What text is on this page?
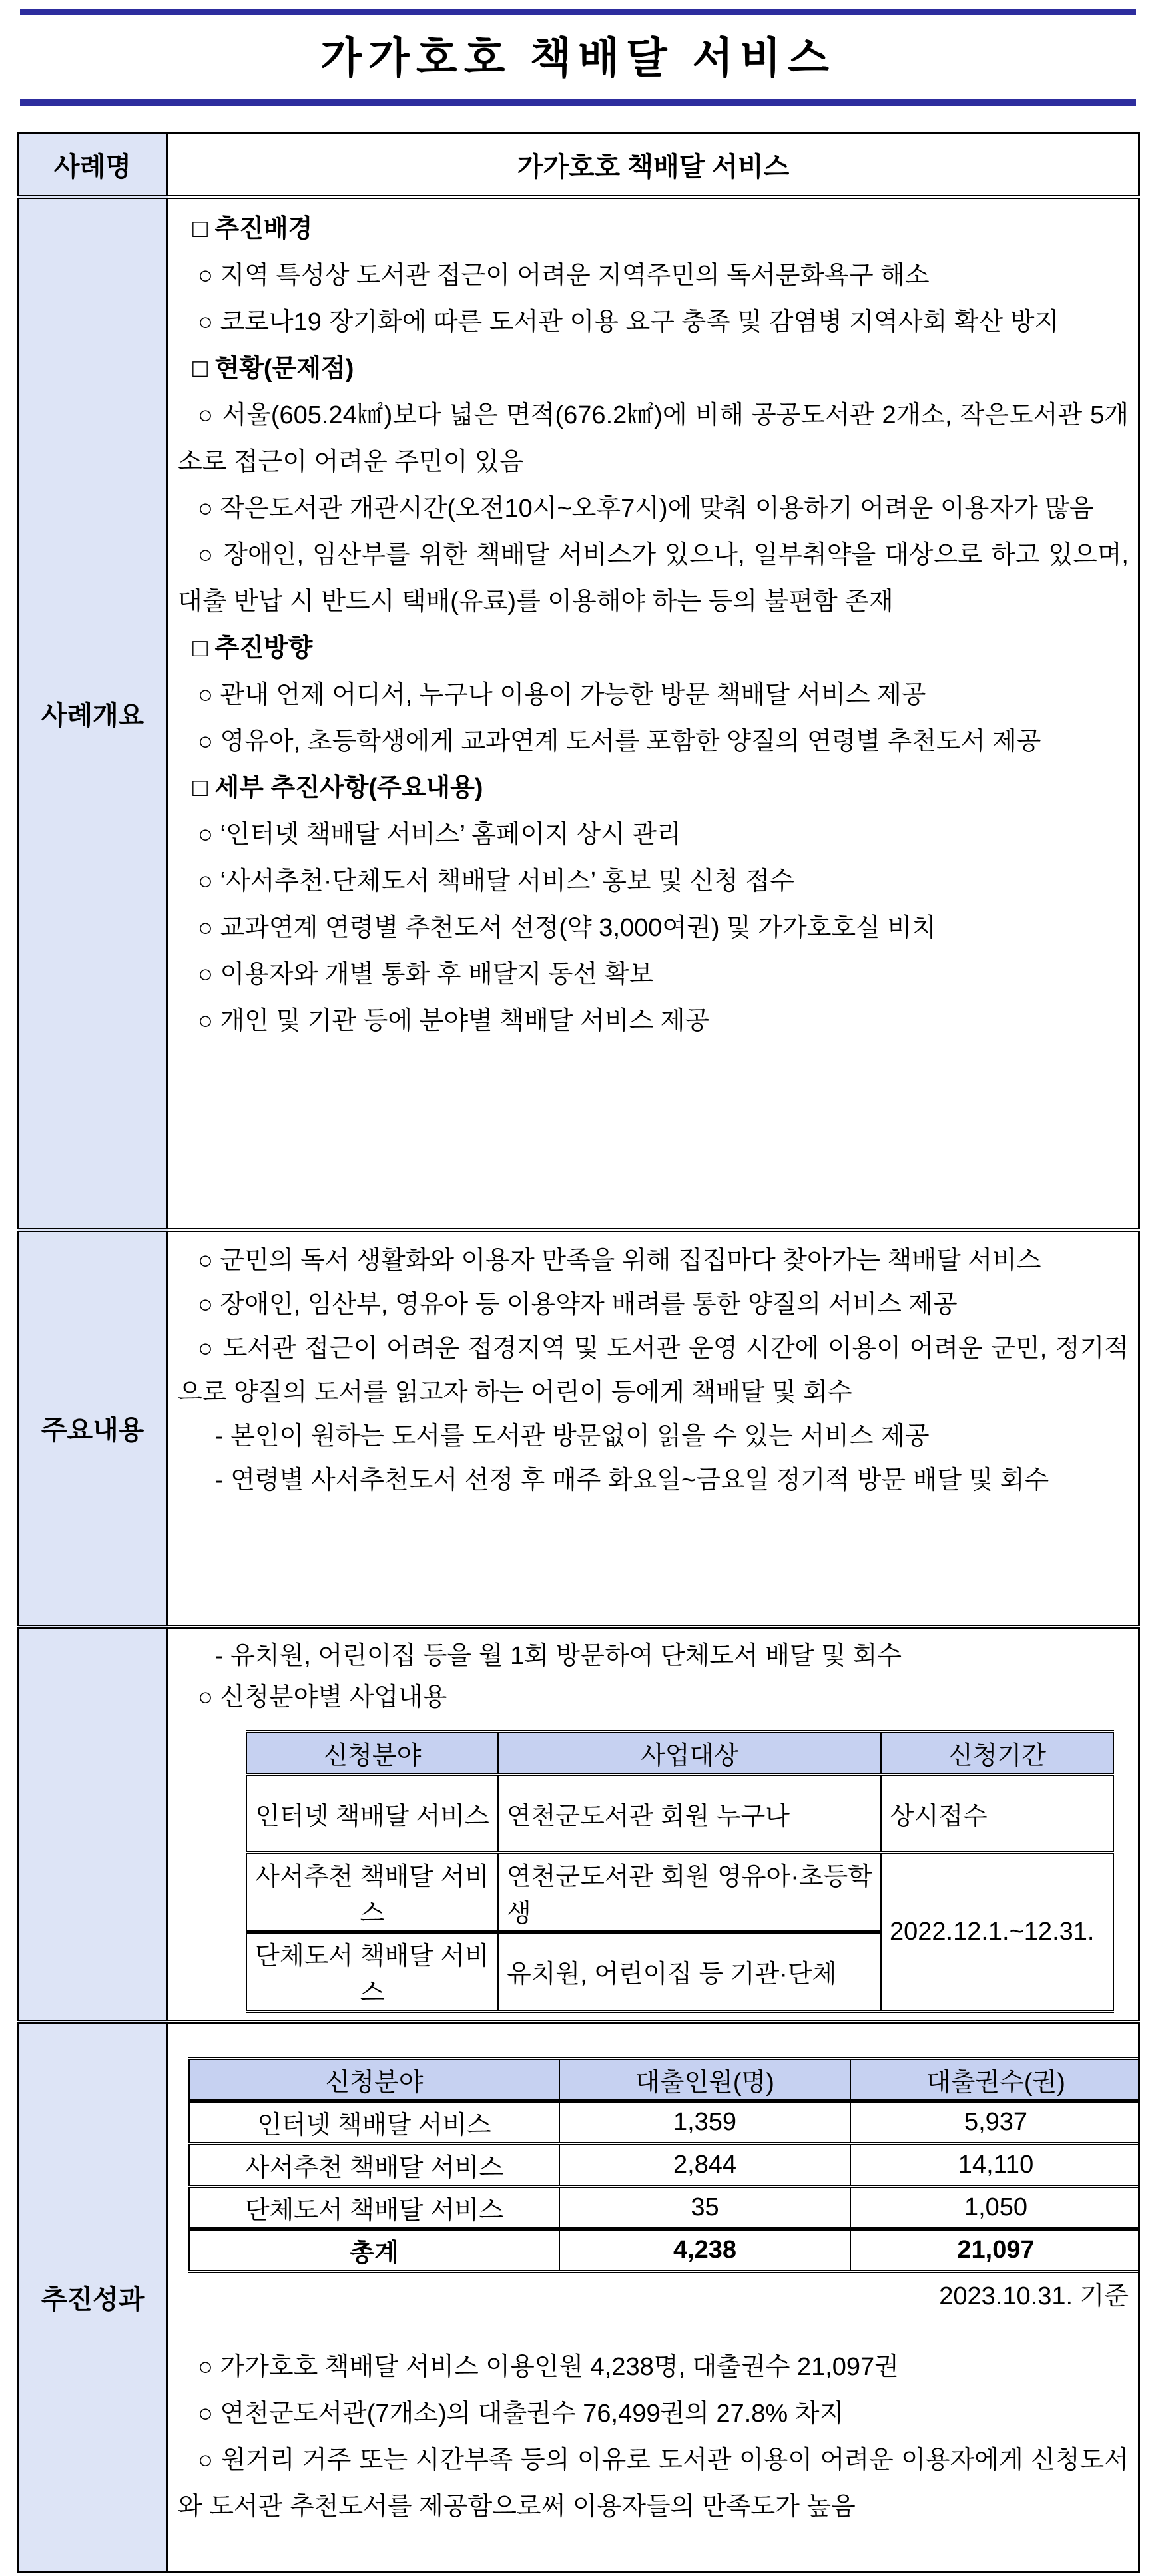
가가호호 책배달 서비스
사례명	가가호호 책배달 서비스
사례개요	

□ 추진배경

○ 지역 특성상 도서관 접근이 어려운 지역주민의 독서문화욕구 해소

○ 코로나19 장기화에 따른 도서관 이용 요구 충족 및 감염병 지역사회 확산 방지

□ 현황(문제점)

○ 서울(605.24㎢)보다 넓은 면적(676.2㎢)에 비해 공공도서관 2개소, 작은도서관 5개소로 접근이 어려운 주민이 있음

○ 작은도서관 개관시간(오전10시~오후7시)에 맞춰 이용하기 어려운 이용자가 많음

○ 장애인, 임산부를 위한 책배달 서비스가 있으나, 일부취약을 대상으로 하고 있으며, 대출 반납 시 반드시 택배(유료)를 이용해야 하는 등의 불편함 존재

□ 추진방향

○ 관내 언제 어디서, 누구나 이용이 가능한 방문 책배달 서비스 제공

○ 영유아, 초등학생에게 교과연계 도서를 포함한 양질의 연령별 추천도서 제공

□ 세부 추진사항(주요내용)

○ ‘인터넷 책배달 서비스’ 홈페이지 상시 관리

○ ‘사서추천·단체도서 책배달 서비스’ 홍보 및 신청 접수

○ 교과연계 연령별 추천도서 선정(약 3,000여권) 및 가가호호실 비치

○ 이용자와 개별 통화 후 배달지 동선 확보

○ 개인 및 기관 등에 분야별 책배달 서비스 제공

주요내용	

○ 군민의 독서 생활화와 이용자 만족을 위해 집집마다 찾아가는 책배달 서비스

○ 장애인, 임산부, 영유아 등 이용약자 배려를 통한 양질의 서비스 제공

○ 도서관 접근이 어려운 접경지역 및 도서관 운영 시간에 이용이 어려운 군민, 정기적으로 양질의 도서를 읽고자 하는 어린이 등에게 책배달 및 회수

- 본인이 원하는 도서를 도서관 방문없이 읽을 수 있는 서비스 제공

- 연령별 사서추천도서 선정 후 매주 화요일~금요일 정기적 방문 배달 및 회수

- 유치원, 어린이집 등을 월 1회 방문하여 단체도서 배달 및 회수

○ 신청분야별 사업내용

신청분야	사업대상	신청기간
인터넷 책배달 서비스	연천군도서관 회원 누구나	상시접수
사서추천 책배달 서비스	연천군도서관 회원 영유아·초등학생	2022.12.1.~12.31.
단체도서 책배달 서비스	유치원, 어린이집 등 기관·단체

추진성과	
신청분야	대출인원(명)	대출권수(권)
인터넷 책배달 서비스	1,359	5,937
사서추천 책배달 서비스	2,844	14,110
단체도서 책배달 서비스	35	1,050
총계	4,238	21,097

2023.10.31. 기준

○ 가가호호 책배달 서비스 이용인원 4,238명, 대출권수 21,097권

○ 연천군도서관(7개소)의 대출권수 76,499권의 27.8% 차지

○ 원거리 거주 또는 시간부족 등의 이유로 도서관 이용이 어려운 이용자에게 신청도서와 도서관 추천도서를 제공함으로써 이용자들의 만족도가 높음
